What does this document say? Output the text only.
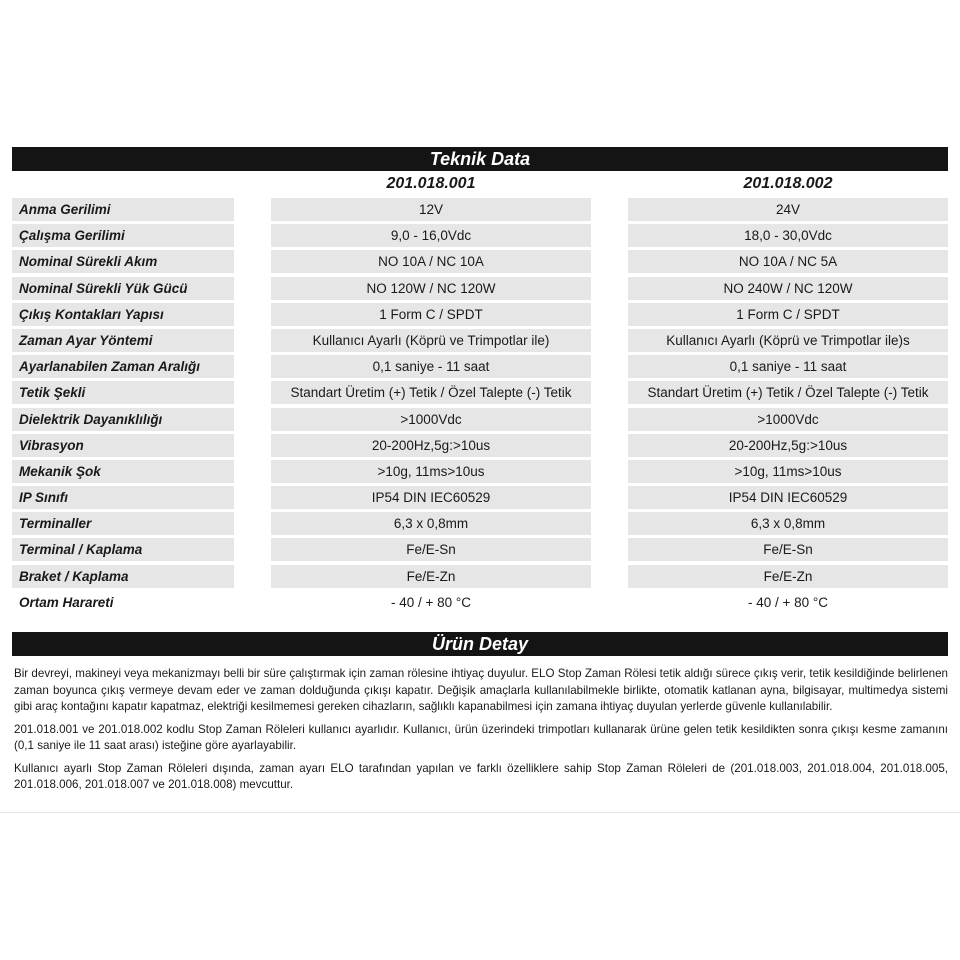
Teknik Data
201.018.001	201.018.002
Anma Gerilimi	12V	24V
Çalışma Gerilimi	9,0 - 16,0Vdc	18,0 - 30,0Vdc
Nominal Sürekli Akım	NO 10A / NC 10A	NO 10A / NC 5A
Nominal Sürekli Yük Gücü	NO 120W / NC 120W	NO 240W / NC 120W
Çıkış Kontakları Yapısı	1 Form C / SPDT	1 Form C / SPDT
Zaman Ayar Yöntemi	Kullanıcı Ayarlı (Köprü ve Trimpotlar ile)	Kullanıcı Ayarlı (Köprü ve Trimpotlar ile)s
Ayarlanabilen Zaman Aralığı	0,1 saniye - 11 saat	0,1 saniye - 11 saat
Tetik Şekli	Standart Üretim (+) Tetik / Özel Talepte (-) Tetik	Standart Üretim (+) Tetik / Özel Talepte (-) Tetik
Dielektrik Dayanıklılığı	>1000Vdc	>1000Vdc
Vibrasyon	20-200Hz,5g:>10us	20-200Hz,5g:>10us
Mekanik Şok	>10g, 11ms>10us	>10g, 11ms>10us
IP Sınıfı	IP54 DIN IEC60529	IP54 DIN IEC60529
Terminaller	6,3 x 0,8mm	6,3 x 0,8mm
Terminal / Kaplama	Fe/E-Sn	Fe/E-Sn
Braket / Kaplama	Fe/E-Zn	Fe/E-Zn
Ortam Harareti	- 40 / + 80 °C	- 40 / + 80 °C
Ürün Detay

Bir devreyi, makineyi veya mekanizmayı belli bir süre çalıştırmak için zaman rölesine ihtiyaç duyulur. ELO Stop Zaman Rölesi tetik aldığı sürece çıkış verir, tetik kesildiğinde belirlenen zaman boyunca çıkış vermeye devam eder ve zaman dolduğunda çıkışı kapatır. Değişik amaçlarla kullanılabilmekle birlikte, otomatik katlanan ayna, bilgisayar, multimedya sistemi gibi araç kontağını kapatır kapatmaz, elektriği kesilmemesi gereken cihazların, sağlıklı kapanabilmesi için zamana ihtiyaç duyulan yerlerde güvenle kullanılabilir.

201.018.001 ve 201.018.002 kodlu Stop Zaman Röleleri kullanıcı ayarlıdır. Kullanıcı, ürün üzerindeki trimpotları kullanarak ürüne gelen tetik kesildikten sonra çıkışı kesme zamanını (0,1 saniye ile 11 saat arası) isteğine göre ayarlayabilir.

Kullanıcı ayarlı Stop Zaman Röleleri dışında, zaman ayarı ELO tarafından yapılan ve farklı özelliklere sahip Stop Zaman Röleleri de (201.018.003, 201.018.004, 201.018.005, 201.018.006, 201.018.007 ve 201.018.008) mevcuttur.
